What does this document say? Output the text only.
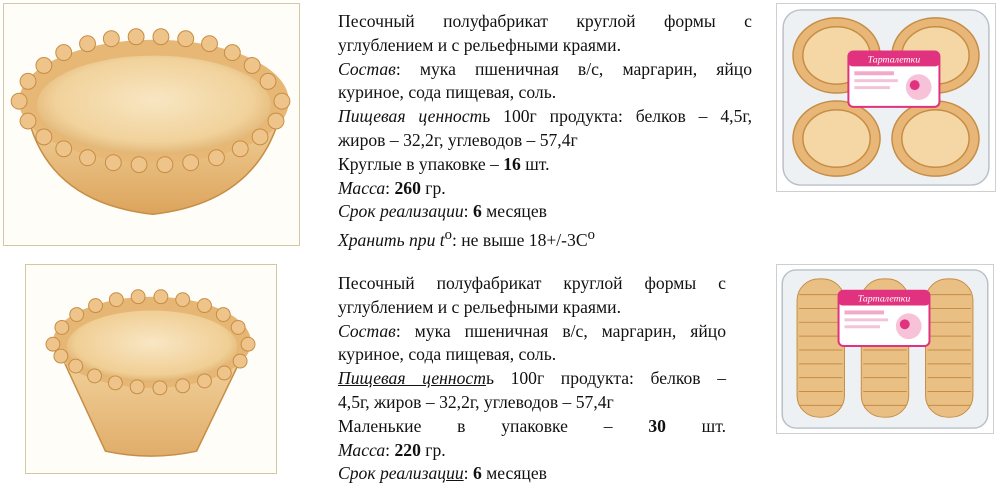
Песочный полуфабрикат круглой формы с

углублением и с рельефными краями.

Состав: мука пшеничная в/с, маргарин, яйцо

куриное, сода пищевая, соль.

Пищевая ценность 100г продукта: белков – 4,5г,

жиров – 32,2г, углеводов – 57,4г

Круглые в упаковке – 16 шт.

Масса: 260 гр.

Срок реализации: 6 месяцев

Хранить при $t^о$: не выше $18+/-3С^о$

Тарталетки

Песочный полуфабрикат круглой формы с

углублением и с рельефными краями.

Состав: мука пшеничная в/с, маргарин, яйцо

куриное, сода пищевая, соль.

Пищевая ценность 100г продукта: белков –

4,5г, жиров – 32,2г, углеводов – 57,4г

Маленькие в упаковке – 30 шт.

Масса: 220 гр.

Срок реализации: 6 месяцев

Тарталетки
